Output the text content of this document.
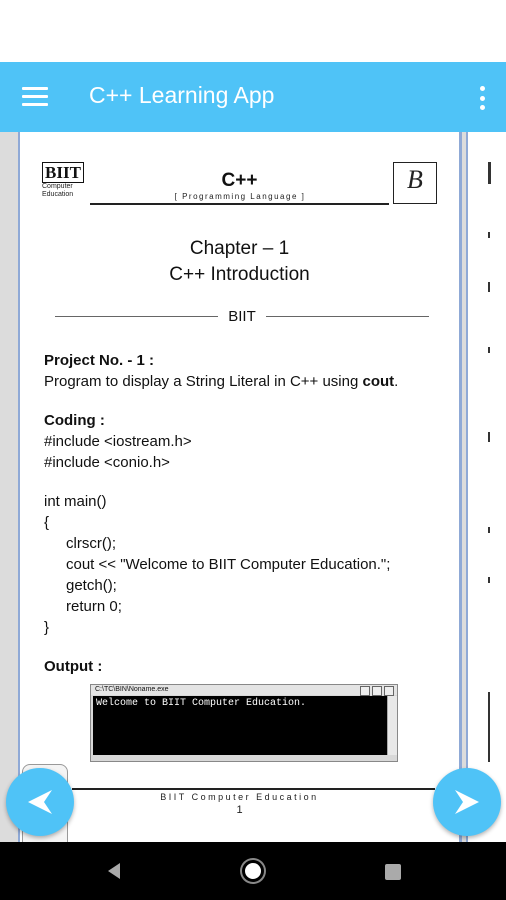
C++ Learning App
BIIT
Computer Education
C++
[ Programming Language ]
B
Chapter – 1
C++ Introduction
BIIT
Project No. - 1 :
Program to display a String Literal in C++ using cout.
Coding :
#include <iostream.h>
#include <conio.h>
int main()
{
clrscr();
cout << "Welcome to BIIT Computer Education.";
getch();
return 0;
}
Output :
C:\TC\BIN\Noname.exe
Welcome to BIIT Computer Education.
BIIT Computer Education
1
